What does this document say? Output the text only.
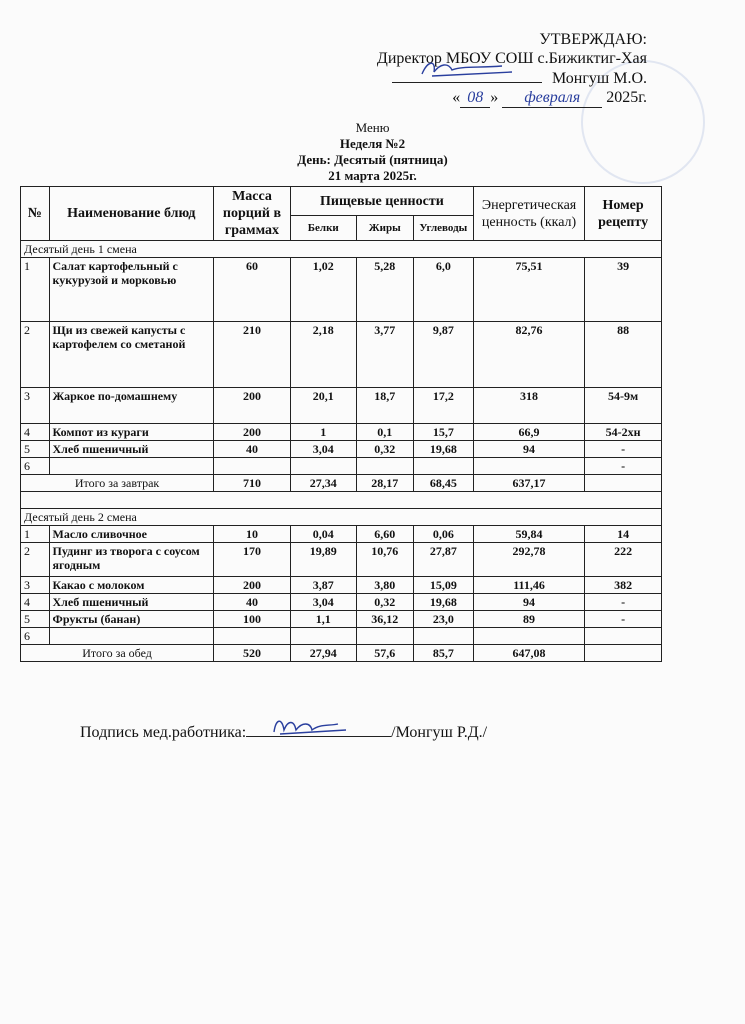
УТВЕРЖДАЮ:
Директор МБОУ СОШ с.Бижиктиг-Хая
Монгуш М.О.
« 08 » февраля 2025г.
Меню
Неделя №2
День: Десятый (пятница)
21 марта 2025г.
№	Наименование блюд	Масса порций в граммах	Пищевые ценности			Энергетическая ценность (ккал)	Номер рецепту
			Белки	Жиры	Углеводы		
Десятый день 1 смена							
1	Салат картофельный с кукурузой и морковью	60	1,02	5,28	6,0	75,51	39
2	Щи из свежей капусты с картофелем со сметаной	210	2,18	3,77	9,87	82,76	88
3	Жаркое по-домашнему	200	20,1	18,7	17,2	318	54-9м
4	Компот из кураги	200	1	0,1	15,7	66,9	54-2хн
5	Хлеб пшеничный	40	3,04	0,32	19,68	94	-
6							-
Итого за завтрак		710	27,34	28,17	68,45	637,17	

Десятый день 2 смена							
1	Масло сливочное	10	0,04	6,60	0,06	59,84	14
2	Пудинг из творога с соусом ягодным	170	19,89	10,76	27,87	292,78	222
3	Какао с молоком	200	3,87	3,80	15,09	111,46	382
4	Хлеб пшеничный	40	3,04	0,32	19,68	94	-
5	Фрукты (банан)	100	1,1	36,12	23,0	89	-
6							
Итого за обед		520	27,94	57,6	85,7	647,08	
Подпись мед.работника:	/Монгуш Р.Д./
